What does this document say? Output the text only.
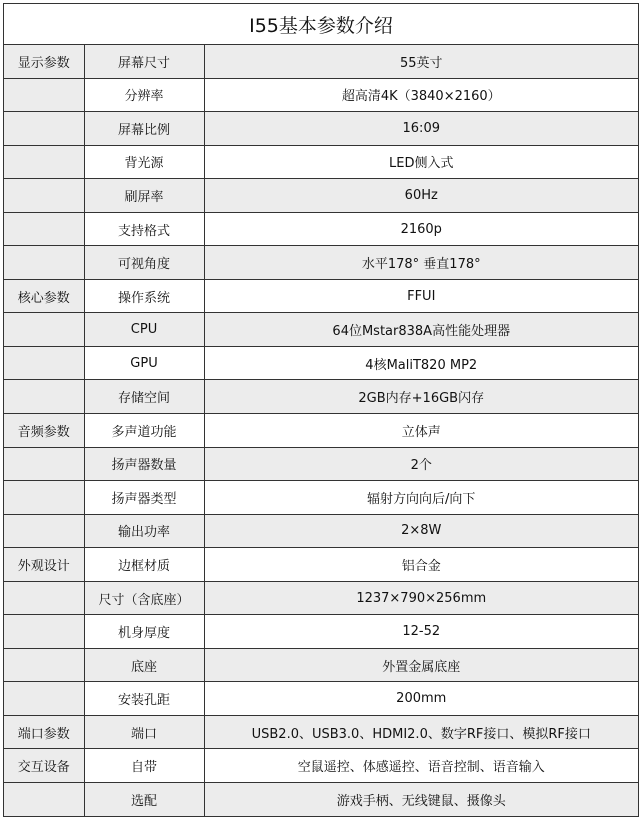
I55基本参数介绍
显示参数	屏幕尺寸	55英寸
	分辨率	超高清4K（3840×2160）
	屏幕比例	16:09
	背光源	LED侧入式
	刷屏率	60Hz
	支持格式	2160p
	可视角度	水平178° 垂直178°
核心参数	操作系统	FFUI
	CPU	64位Mstar838A高性能处理器
	GPU	4核MaliT820 MP2
	存储空间	2GB内存+16GB闪存
音频参数	多声道功能	立体声
	扬声器数量	2个
	扬声器类型	辐射方向向后/向下
	输出功率	2×8W
外观设计	边框材质	铝合金
	尺寸（含底座）	1237×790×256mm
	机身厚度	12-52
	底座	外置金属底座
	安装孔距	200mm
端口参数	端口	USB2.0、USB3.0、HDMI2.0、数字RF接口、模拟RF接口
交互设备	自带	空鼠遥控、体感遥控、语音控制、语音输入
	选配	游戏手柄、无线键鼠、摄像头
